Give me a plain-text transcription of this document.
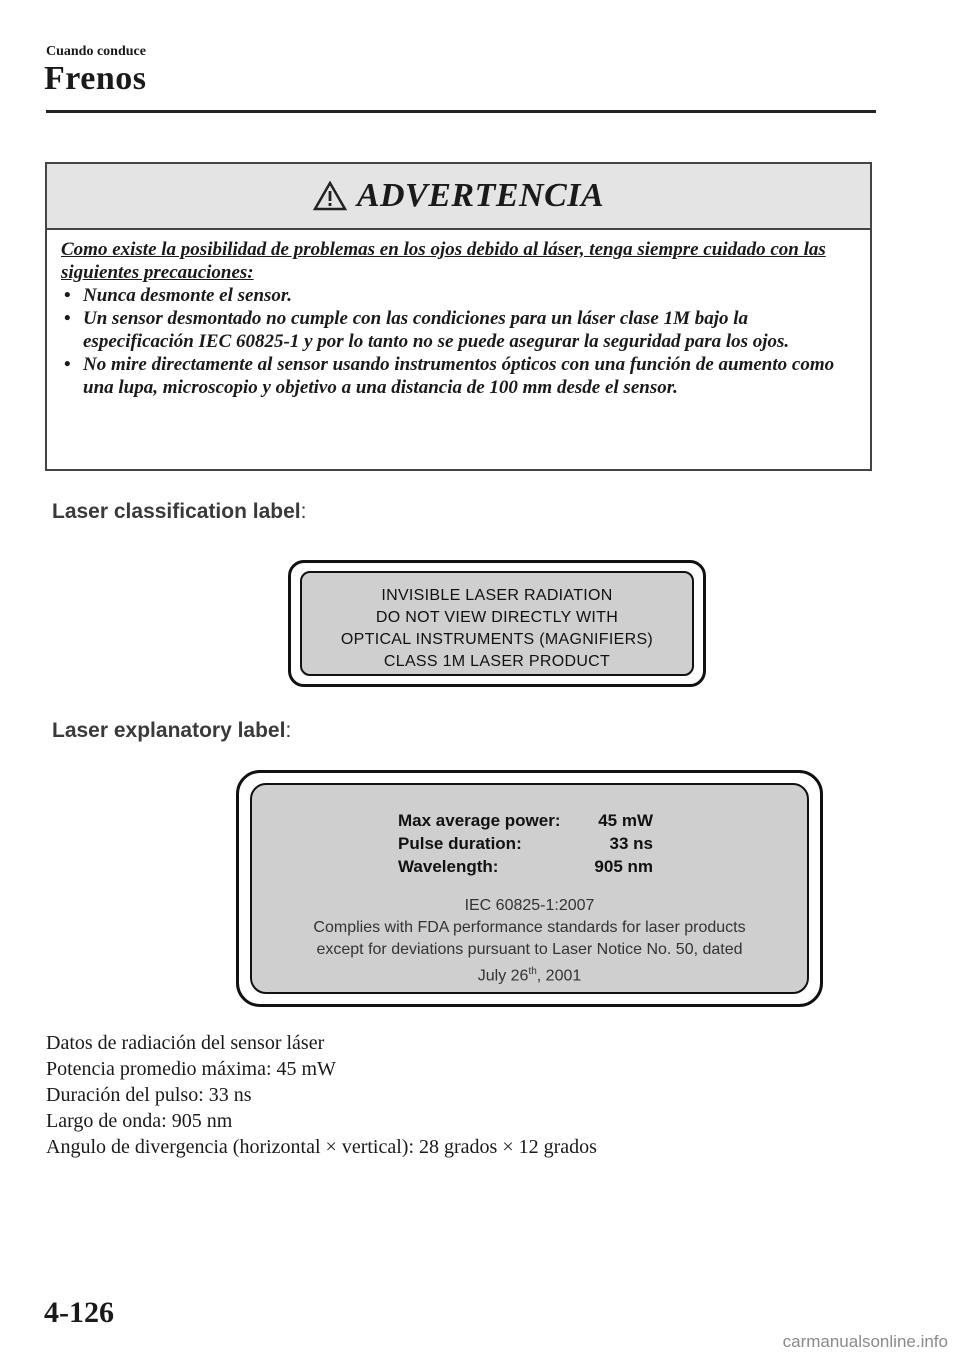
Cuando conduce
Frenos
ADVERTENCIA
Como existe la posibilidad de problemas en los ojos debido al láser, tenga siempre cuidado con las siguientes precauciones:
• Nunca desmonte el sensor.
• Un sensor desmontado no cumple con las condiciones para un láser clase 1M bajo la especificación IEC 60825-1 y por lo tanto no se puede asegurar la seguridad para los ojos.
• No mire directamente al sensor usando instrumentos ópticos con una función de aumento como una lupa, microscopio y objetivo a una distancia de 100 mm desde el sensor.
Laser classification label:
INVISIBLE LASER RADIATION
DO NOT VIEW DIRECTLY WITH
OPTICAL INSTRUMENTS (MAGNIFIERS)
CLASS 1M LASER PRODUCT
Laser explanatory label:
Max average power:	45 mW
Pulse duration:	33 ns
Wavelength:	905 nm
IEC 60825-1:2007
Complies with FDA performance standards for laser products
except for deviations pursuant to Laser Notice No. 50, dated
July 26th, 2001
Datos de radiación del sensor láser
Potencia promedio máxima: 45 mW
Duración del pulso: 33 ns
Largo de onda: 905 nm
Angulo de divergencia (horizontal × vertical): 28 grados × 12 grados
4-126
carmanualsonline.info
